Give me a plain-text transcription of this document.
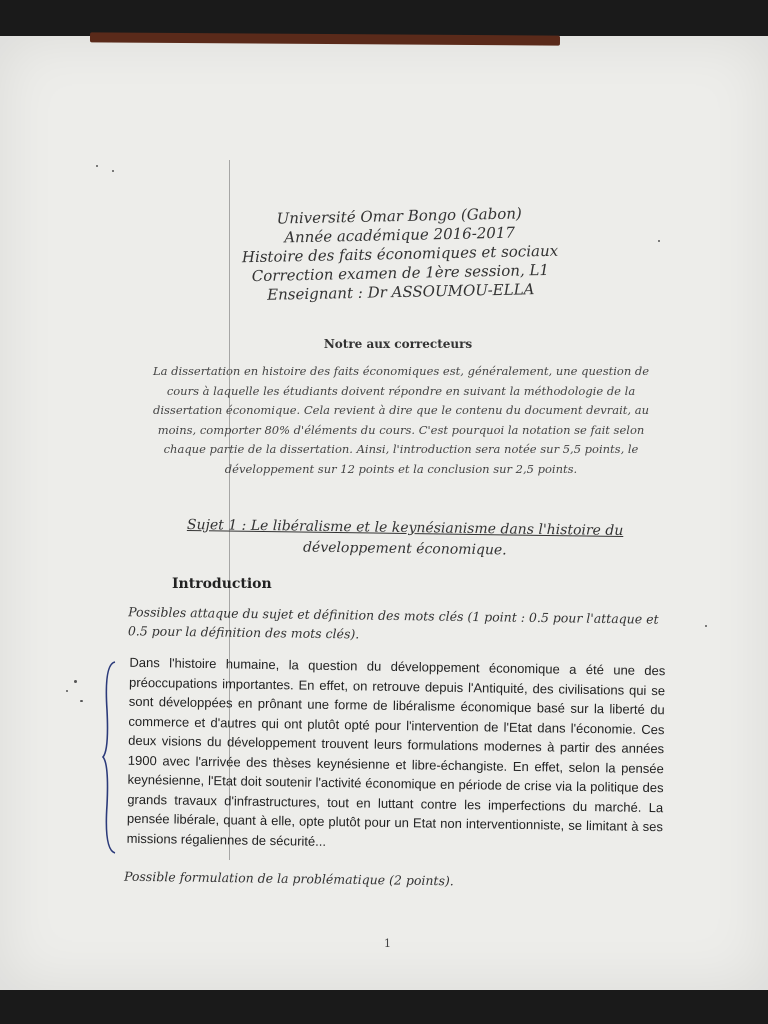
Université Omar Bongo (Gabon)
Année académique 2016-2017
Histoire des faits économiques et sociaux
Correction examen de 1ère session, L1
Enseignant : Dr ASSOUMOU-ELLA
Notre aux correcteurs
La dissertation en histoire des faits économiques est, généralement, une question de cours à laquelle les étudiants doivent répondre en suivant la méthodologie de la dissertation économique. Cela revient à dire que le contenu du document devrait, au moins, comporter 80% d'éléments du cours. C'est pourquoi la notation se fait selon chaque partie de la dissertation. Ainsi, l'introduction sera notée sur 5,5 points, le développement sur 12 points et la conclusion sur 2,5 points.
Sujet 1 : Le libéralisme et le keynésianisme dans l'histoire du
développement économique.
Introduction
Possibles attaque du sujet et définition des mots clés (1 point : 0.5 pour l'attaque et 0.5 pour la définition des mots clés).
Dans l'histoire humaine, la question du développement économique a été une des préoccupations importantes. En effet, on retrouve depuis l'Antiquité, des civilisations qui se sont développées en prônant une forme de libéralisme économique basé sur la liberté du commerce et d'autres qui ont plutôt opté pour l'intervention de l'Etat dans l'économie. Ces deux visions du développement trouvent leurs formulations modernes à partir des années 1900 avec l'arrivée des thèses keynésienne et libre-échangiste. En effet, selon la pensée keynésienne, l'Etat doit soutenir l'activité économique en période de crise via la politique des grands travaux d'infrastructures, tout en luttant contre les imperfections du marché. La pensée libérale, quant à elle, opte plutôt pour un Etat non interventionniste, se limitant à ses missions régaliennes de sécurité...
Possible formulation de la problématique (2 points).
1
